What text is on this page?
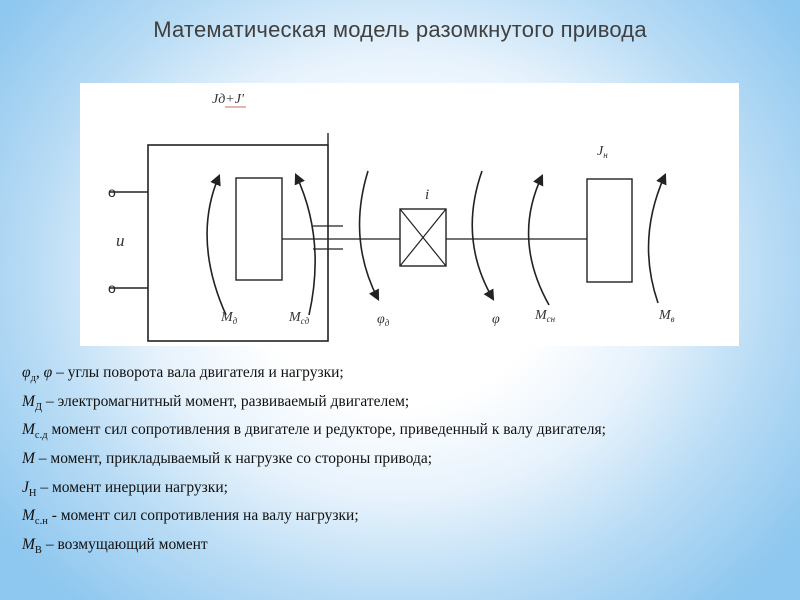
Математическая модель разомкнутого привода
Jд+J'
o
o
u
i
$J_н$
$M_д$	$M_{сд}$	$\varphi_д$	φ	$M_{сн}$	$M_в$
$\varphi_д$, φ – углы поворота вала двигателя и нагрузки;
$M_Д$ – электромагнитный момент, развиваемый двигателем;
$M_{с.д}$ момент сил сопротивления в двигателе и редукторе, приведенный к валу двигателя;
M – момент, прикладываемый к нагрузке со стороны привода;
$J_Н$ – момент инерции нагрузки;
$M_{с.н}$ - момент сил сопротивления на валу нагрузки;
$M_В$ – возмущающий момент
